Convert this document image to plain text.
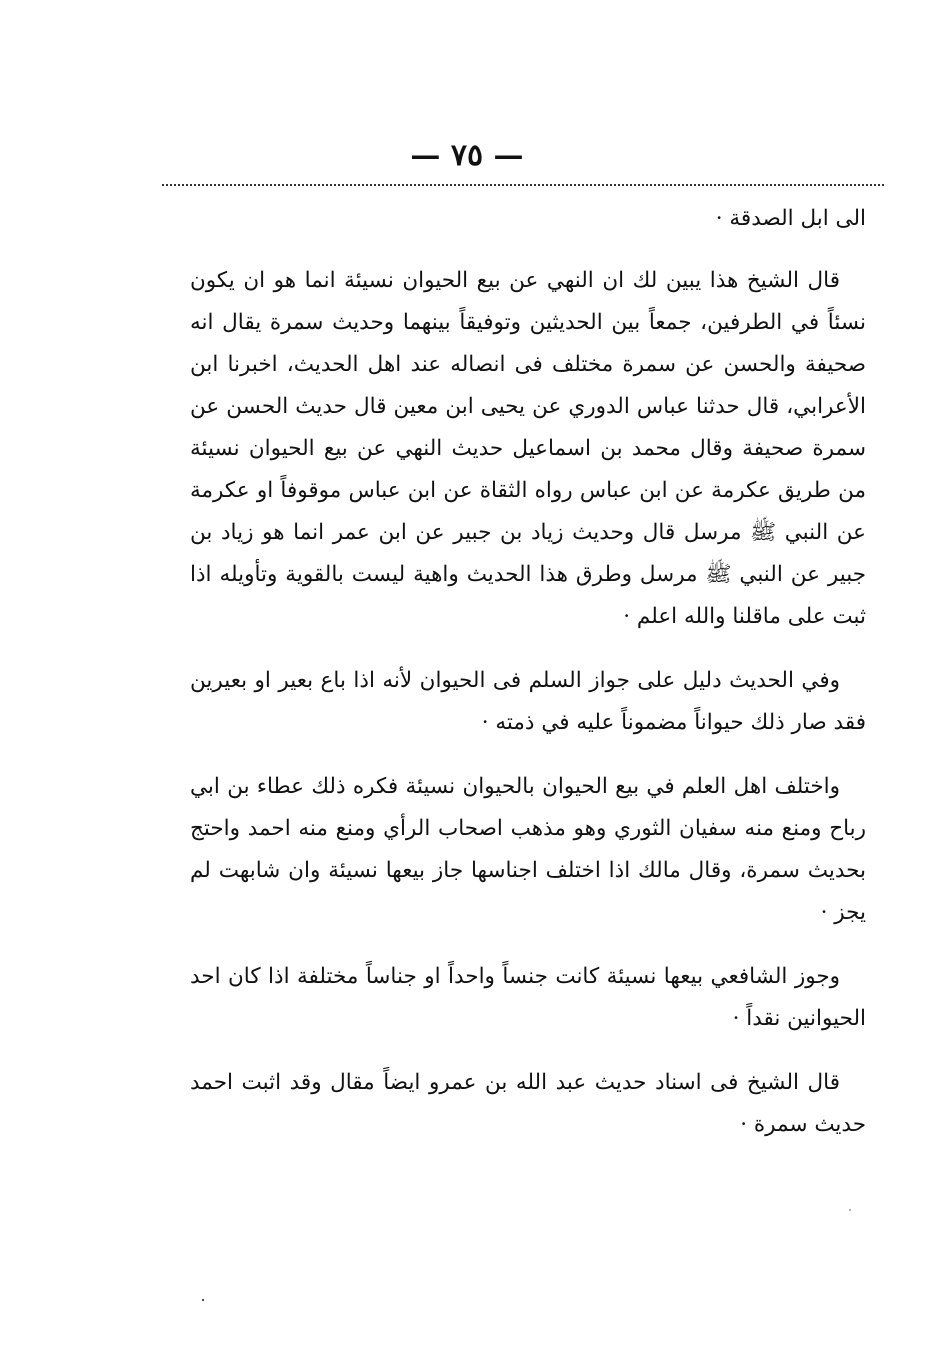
— ٧٥ —

الى ابل الصدقة ·

قال الشيخ هذا يبين لك ان النهي عن بيع الحيوان نسيئة انما هو ان يكون نسئاً في الطرفين، جمعاً بين الحديثين وتوفيقاً بينهما وحديث سمرة يقال انه صحيفة والحسن عن سمرة مختلف فى انصاله عند اهل الحديث، اخبرنا ابن الأعرابي، قال حدثنا عباس الدوري عن يحيى ابن معين قال حديث الحسن عن سمرة صحيفة وقال محمد بن اسماعيل حديث النهي عن بيع الحيوان نسيئة من طريق عكرمة عن ابن عباس رواه الثقاة عن ابن عباس موقوفاً او عكرمة عن النبي ﷺ مرسل قال وحديث زياد بن جبير عن ابن عمر انما هو زياد بن جبير عن النبي ﷺ مرسل وطرق هذا الحديث واهية ليست بالقوية وتأويله اذا ثبت على ماقلنا والله اعلم ·

وفي الحديث دليل على جواز السلم فى الحيوان لأنه اذا باع بعير او بعيرين فقد صار ذلك حيواناً مضموناً عليه في ذمته ·

واختلف اهل العلم في بيع الحيوان بالحيوان نسيئة فكره ذلك عطاء بن ابي رباح ومنع منه سفيان الثوري وهو مذهب اصحاب الرأي ومنع منه احمد واحتج بحديث سمرة، وقال مالك اذا اختلف اجناسها جاز بيعها نسيئة وان شابهت لم يجز ·

وجوز الشافعي بيعها نسيئة كانت جنساً واحداً او جناساً مختلفة اذا كان احد الحيوانين نقداً ·

قال الشيخ فى اسناد حديث عبد الله بن عمرو ايضاً مقال وقد اثبت احمد حديث سمرة ·
